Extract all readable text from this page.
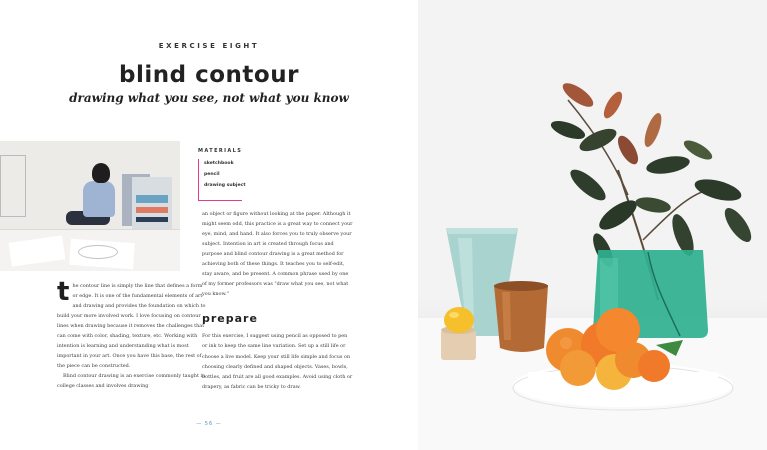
EXERCISE EIGHT
blind contour
drawing what you see, not what you know
MATERIALS
sketchbook
pencil
drawing subject

the contour line is simply the line that defines a form or edge. It is one of the fundamental elements of art and drawing and provides the foundation on which to build your more involved work. I love focusing on contour lines when drawing because it removes the challenges that can come with color, shading, texture, etc. Working with intention is learning and understanding what is most important in your art. Once you have this base, the rest of the piece can be constructed.

Blind contour drawing is an exercise commonly taught in college classes and involves drawing

an object or figure without looking at the paper. Although it might seem odd, this practice is a great way to connect your eye, mind, and hand. It also forces you to truly observe your subject. Intention in art is created through focus and purpose and blind contour drawing is a great method for achieving both of these things. It teaches you to self-edit, stay aware, and be present. A common phrase used by one of my former professors was "draw what you see, not what you know."

prepare

For this exercise, I suggest using pencil as opposed to pen or ink to keep the same line variation. Set up a still life or choose a live model. Keep your still life simple and focus on choosing clearly defined and shaped objects. Vases, bowls, bottles, and fruit are all good examples. Avoid using cloth or drapery, as fabric can be tricky to draw.

— 56 —
